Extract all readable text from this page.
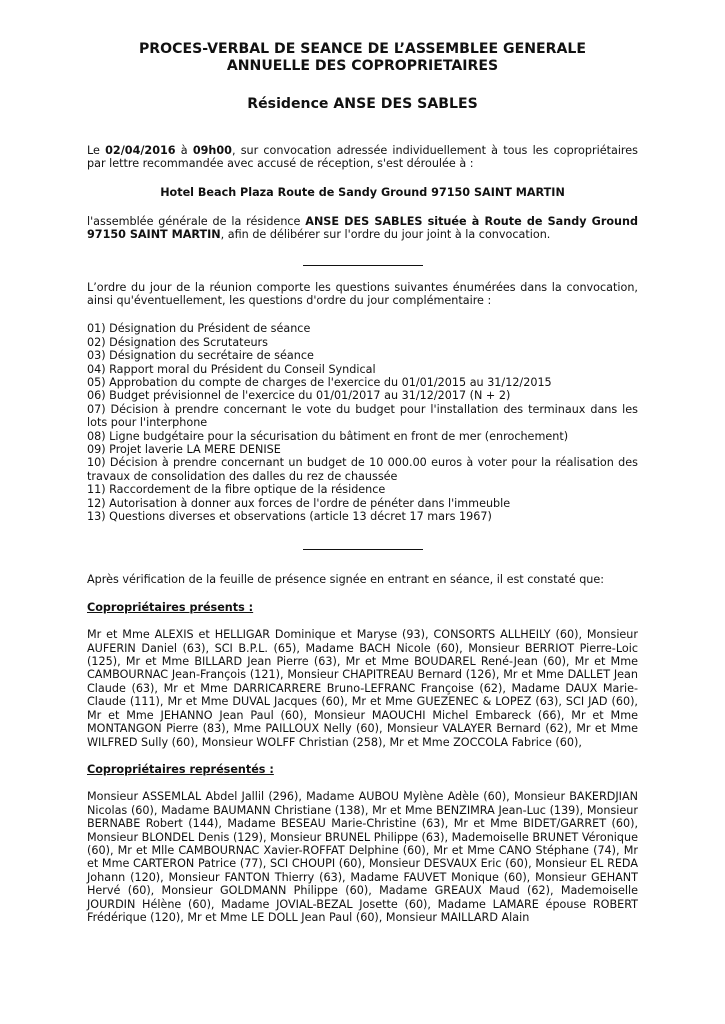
PROCES-VERBAL DE SEANCE DE L’ASSEMBLEE GENERALE
ANNUELLE DES COPROPRIETAIRES
Résidence ANSE DES SABLES

Le 02/04/2016 à 09h00, sur convocation adressée individuellement à tous les copropriétaires par lettre recommandée avec accusé de réception, s'est déroulée à :

Hotel Beach Plaza Route de Sandy Ground 97150 SAINT MARTIN

l'assemblée générale de la résidence ANSE DES SABLES située à Route de Sandy Ground 97150 SAINT MARTIN, afin de délibérer sur l'ordre du jour joint à la convocation.

L’ordre du jour de la réunion comporte les questions suivantes énumérées dans la convocation, ainsi qu'éventuellement, les questions d'ordre du jour complémentaire :

01) Désignation du Président de séance
02) Désignation des Scrutateurs
03) Désignation du secrétaire de séance
04) Rapport moral du Président du Conseil Syndical
05) Approbation du compte de charges de l'exercice du 01/01/2015 au 31/12/2015
06) Budget prévisionnel de l'exercice du 01/01/2017 au 31/12/2017 (N + 2)
07) Décision à prendre concernant le vote du budget pour l'installation des terminaux dans les lots pour l'interphone
08) Ligne budgétaire pour la sécurisation du bâtiment en front de mer (enrochement)
09) Projet laverie LA MERE DENISE
10) Décision à prendre concernant un budget de 10 000.00 euros à voter pour la réalisation des travaux de consolidation des dalles du rez de chaussée
11) Raccordement de la fibre optique de la résidence
12) Autorisation à donner aux forces de l'ordre de pénéter dans l'immeuble
13) Questions diverses et observations (article 13 décret 17 mars 1967)

Après vérification de la feuille de présence signée en entrant en séance, il est constaté que:

Copropriétaires présents :

Mr et Mme ALEXIS et HELLIGAR Dominique et Maryse (93), CONSORTS ALLHEILY (60), Monsieur AUFERIN Daniel (63), SCI B.P.L. (65), Madame BACH Nicole (60), Monsieur BERRIOT Pierre-Loic (125), Mr et Mme BILLARD Jean Pierre (63), Mr et Mme BOUDAREL René-Jean (60), Mr et Mme CAMBOURNAC Jean-François (121), Monsieur CHAPITREAU Bernard (126), Mr et Mme DALLET Jean Claude (63), Mr et Mme DARRICARRERE Bruno-LEFRANC Françoise (62), Madame DAUX Marie-Claude (111), Mr et Mme DUVAL Jacques (60), Mr et Mme GUEZENEC & LOPEZ (63), SCI JAD (60), Mr et Mme JEHANNO Jean Paul (60), Monsieur MAOUCHI Michel Embareck (66), Mr et Mme MONTANGON Pierre (83), Mme PAILLOUX Nelly (60), Monsieur VALAYER Bernard (62), Mr et Mme WILFRED Sully (60), Monsieur WOLFF Christian (258), Mr et Mme ZOCCOLA Fabrice (60),

Copropriétaires représentés :

Monsieur ASSEMLAL Abdel Jallil (296), Madame AUBOU Mylène Adèle (60), Monsieur BAKERDJIAN Nicolas (60), Madame BAUMANN Christiane (138), Mr et Mme BENZIMRA Jean-Luc (139), Monsieur BERNABE Robert (144), Madame BESEAU Marie-Christine (63), Mr et Mme BIDET/GARRET (60), Monsieur BLONDEL Denis (129), Monsieur BRUNEL Philippe (63), Mademoiselle BRUNET Véronique (60), Mr et Mlle CAMBOURNAC Xavier-ROFFAT Delphine (60), Mr et Mme CANO Stéphane (74), Mr et Mme CARTERON Patrice (77), SCI CHOUPI (60), Monsieur DESVAUX Eric (60), Monsieur EL REDA Johann (120), Monsieur FANTON Thierry (63), Madame FAUVET Monique (60), Monsieur GEHANT Hervé (60), Monsieur GOLDMANN Philippe (60), Madame GREAUX Maud (62), Mademoiselle JOURDIN Hélène (60), Madame JOVIAL-BEZAL Josette (60), Madame LAMARE épouse ROBERT Frédérique (120), Mr et Mme LE DOLL Jean Paul (60), Monsieur MAILLARD Alain
